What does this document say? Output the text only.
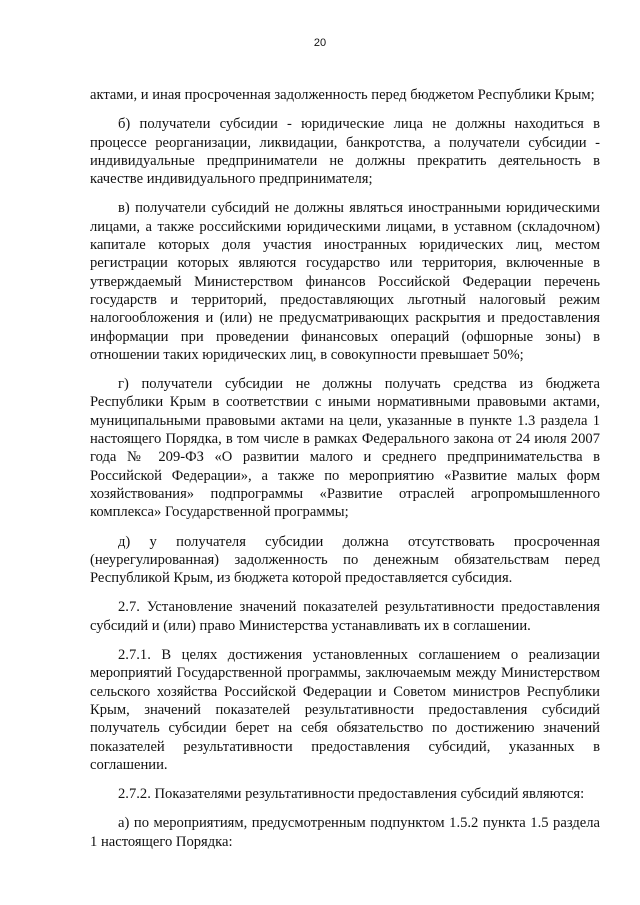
20

актами, и иная просроченная задолженность перед бюджетом Республики Крым;

б) получатели субсидии - юридические лица не должны находиться в процессе реорганизации, ликвидации, банкротства, а получатели субсидии - индивидуальные предприниматели не должны прекратить деятельность в качестве индивидуального предпринимателя;

в) получатели субсидий не должны являться иностранными юридическими лицами, а также российскими юридическими лицами, в уставном (складочном) капитале которых доля участия иностранных юридических лиц, местом регистрации которых являются государство или территория, включенные в утверждаемый Министерством финансов Российской Федерации перечень государств и территорий, предоставляющих льготный налоговый режим налогообложения и (или) не предусматривающих раскрытия и предоставления информации при проведении финансовых операций (офшорные зоны) в отношении таких юридических лиц, в совокупности превышает 50%;

г) получатели субсидии не должны получать средства из бюджета Республики Крым в соответствии с иными нормативными правовыми актами, муниципальными правовыми актами на цели, указанные в пункте 1.3 раздела 1 настоящего Порядка, в том числе в рамках Федерального закона от 24 июля 2007 года № 209-ФЗ «О развитии малого и среднего предпринимательства в Российской Федерации», а также по мероприятию «Развитие малых форм хозяйствования» подпрограммы «Развитие отраслей агропромышленного комплекса» Государственной программы;

д) у получателя субсидии должна отсутствовать просроченная (неурегулированная) задолженность по денежным обязательствам перед Республикой Крым, из бюджета которой предоставляется субсидия.

2.7. Установление значений показателей результативности предоставления субсидий и (или) право Министерства устанавливать их в соглашении.

2.7.1. В целях достижения установленных соглашением о реализации мероприятий Государственной программы, заключаемым между Министерством сельского хозяйства Российской Федерации и Советом министров Республики Крым, значений показателей результативности предоставления субсидий получатель субсидии берет на себя обязательство по достижению значений показателей результативности предоставления субсидий, указанных в соглашении.

2.7.2. Показателями результативности предоставления субсидий являются:

а) по мероприятиям, предусмотренным подпунктом 1.5.2 пункта 1.5 раздела 1 настоящего Порядка:
